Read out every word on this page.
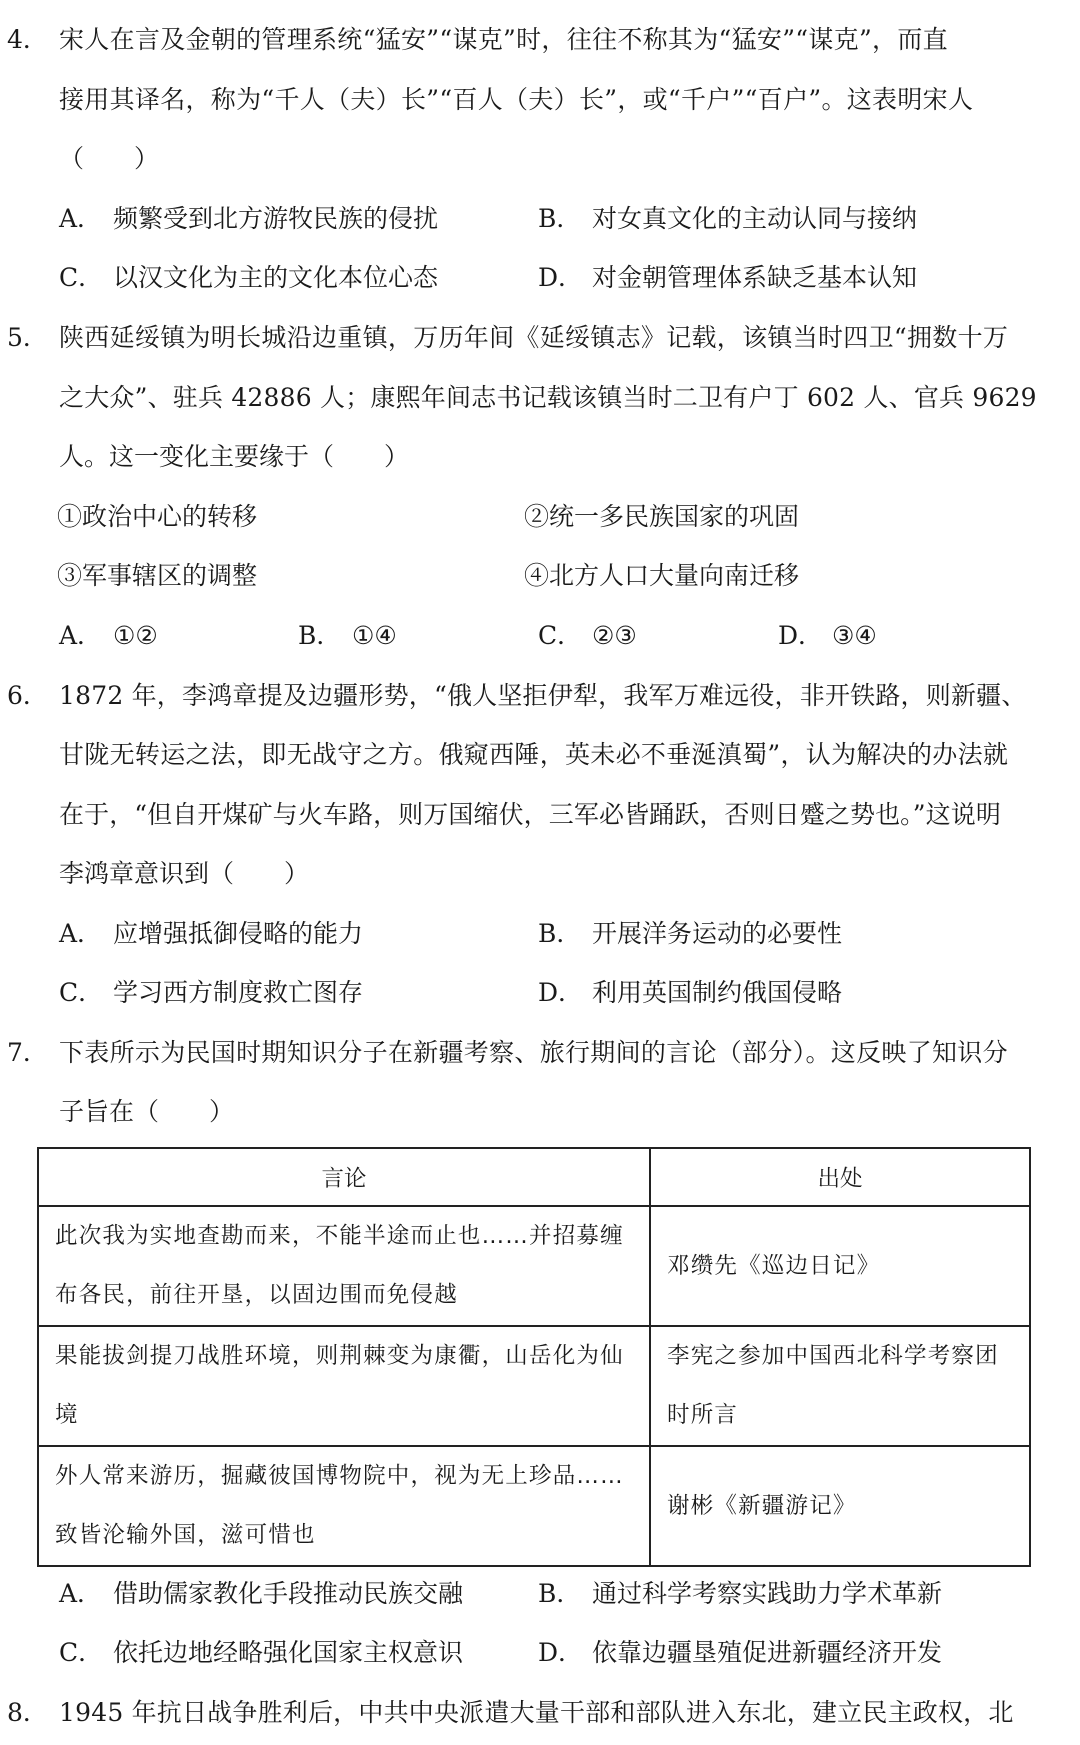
4． 宋人在言及金朝的管理系统“猛安”“谋克”时，往往不称其为“猛安”“谋克”，而直
接用其译名，称为“千人（夫）长”“百人（夫）长”，或“千户”“百户”。这表明宋人
（　　）
A． 频繁受到北方游牧民族的侵扰	B． 对女真文化的主动认同与接纳
C． 以汉文化为主的文化本位心态	D． 对金朝管理体系缺乏基本认知
5． 陕西延绥镇为明长城沿边重镇，万历年间《延绥镇志》记载，该镇当时四卫“拥数十万
之大众”、驻兵 42886 人；康熙年间志书记载该镇当时二卫有户丁 602 人、官兵 9629
人。这一变化主要缘于（　　）
①政治中心的转移	②统一多民族国家的巩固
③军事辖区的调整	④北方人口大量向南迁移
A． ①②	B． ①④	C． ②③	D． ③④
6． 1872 年，李鸿章提及边疆形势，“俄人坚拒伊犁，我军万难远役，非开铁路，则新疆、
甘陇无转运之法，即无战守之方。俄窥西陲，英未必不垂涎滇蜀”，认为解决的办法就
在于，“但自开煤矿与火车路，则万国缩伏，三军必皆踊跃，否则日蹙之势也。”这说明
李鸿章意识到（　　）
A． 应增强抵御侵略的能力	B． 开展洋务运动的必要性
C． 学习西方制度救亡图存	D． 利用英国制约俄国侵略
7． 下表所示为民国时期知识分子在新疆考察、旅行期间的言论（部分）。这反映了知识分
子旨在（　　）
言论	出处
此次我为实地查勘而来，不能半途而止也……并招募缠布各民，前往开垦，以固边围而免侵越	邓缵先《巡边日记》
果能拔剑提刀战胜环境，则荆棘变为康衢，山岳化为仙境	李宪之参加中国西北科学考察团时所言
外人常来游历，掘藏彼国博物院中，视为无上珍品……致皆沦输外国，滋可惜也	谢彬《新疆游记》
A． 借助儒家教化手段推动民族交融	B． 通过科学考察实践助力学术革新
C． 依托边地经略强化国家主权意识	D． 依靠边疆垦殖促进新疆经济开发
8． 1945 年抗日战争胜利后，中共中央派遣大量干部和部队进入东北，建立民主政权，北
